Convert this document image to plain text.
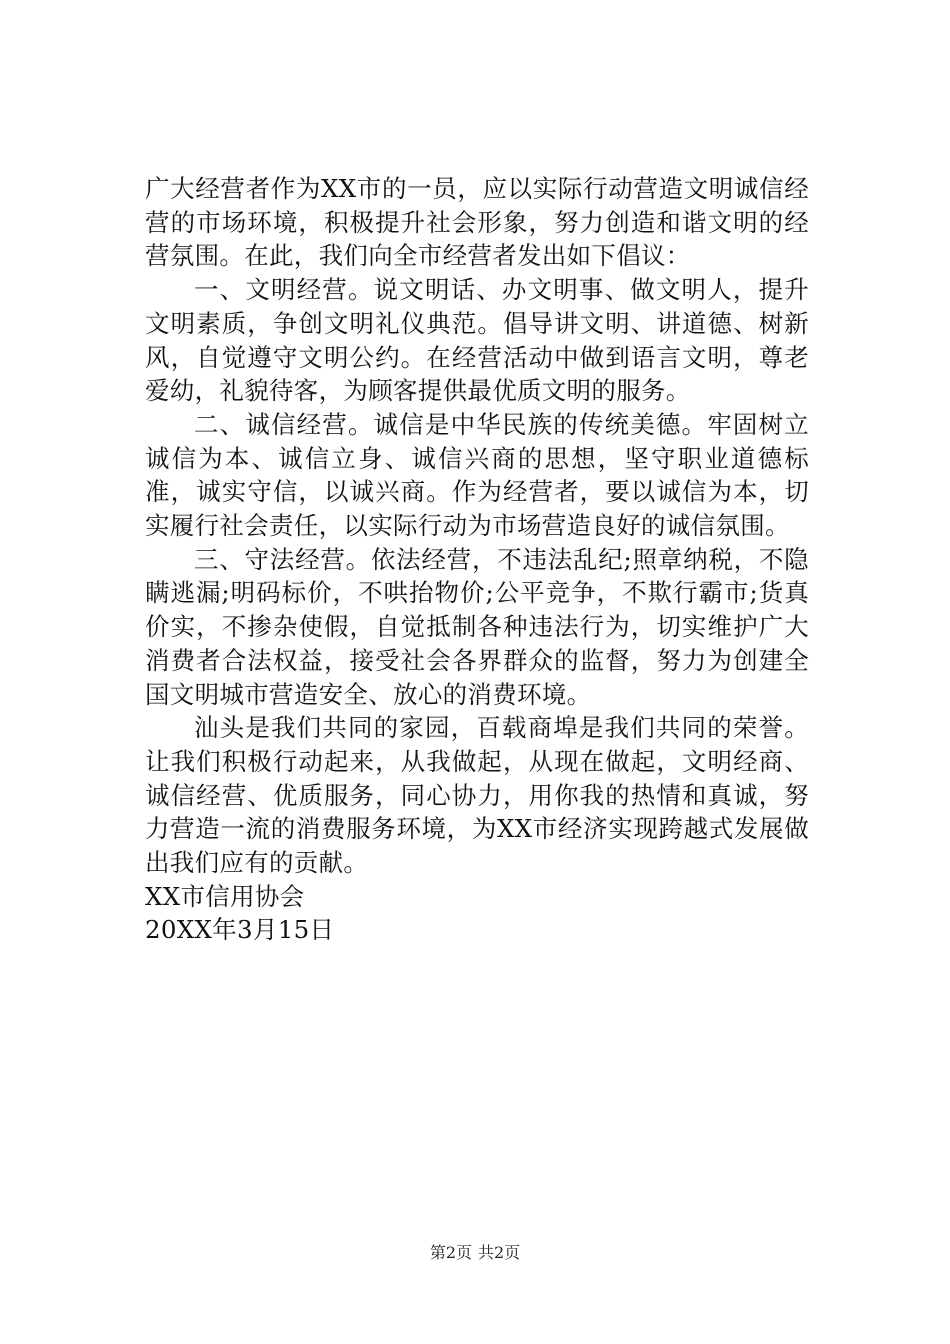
广大经营者作为XX市的一员，应以实际行动营造文明诚信经营的市场环境，积极提升社会形象，努力创造和谐文明的经营氛围。在此，我们向全市经营者发出如下倡议：

一、文明经营。说文明话、办文明事、做文明人，提升文明素质，争创文明礼仪典范。倡导讲文明、讲道德、树新风，自觉遵守文明公约。在经营活动中做到语言文明，尊老爱幼，礼貌待客，为顾客提供最优质文明的服务。

二、诚信经营。诚信是中华民族的传统美德。牢固树立诚信为本、诚信立身、诚信兴商的思想，坚守职业道德标准，诚实守信，以诚兴商。作为经营者，要以诚信为本，切实履行社会责任，以实际行动为市场营造良好的诚信氛围。

三、守法经营。依法经营，不违法乱纪;照章纳税，不隐瞒逃漏;明码标价，不哄抬物价;公平竞争，不欺行霸市;货真价实，不掺杂使假，自觉抵制各种违法行为，切实维护广大消费者合法权益，接受社会各界群众的监督，努力为创建全国文明城市营造安全、放心的消费环境。

汕头是我们共同的家园，百载商埠是我们共同的荣誉。让我们积极行动起来，从我做起，从现在做起，文明经商、诚信经营、优质服务，同心协力，用你我的热情和真诚，努力营造一流的消费服务环境，为XX市经济实现跨越式发展做出我们应有的贡献。

XX市信用协会

20XX年3月15日

第2页 共2页
